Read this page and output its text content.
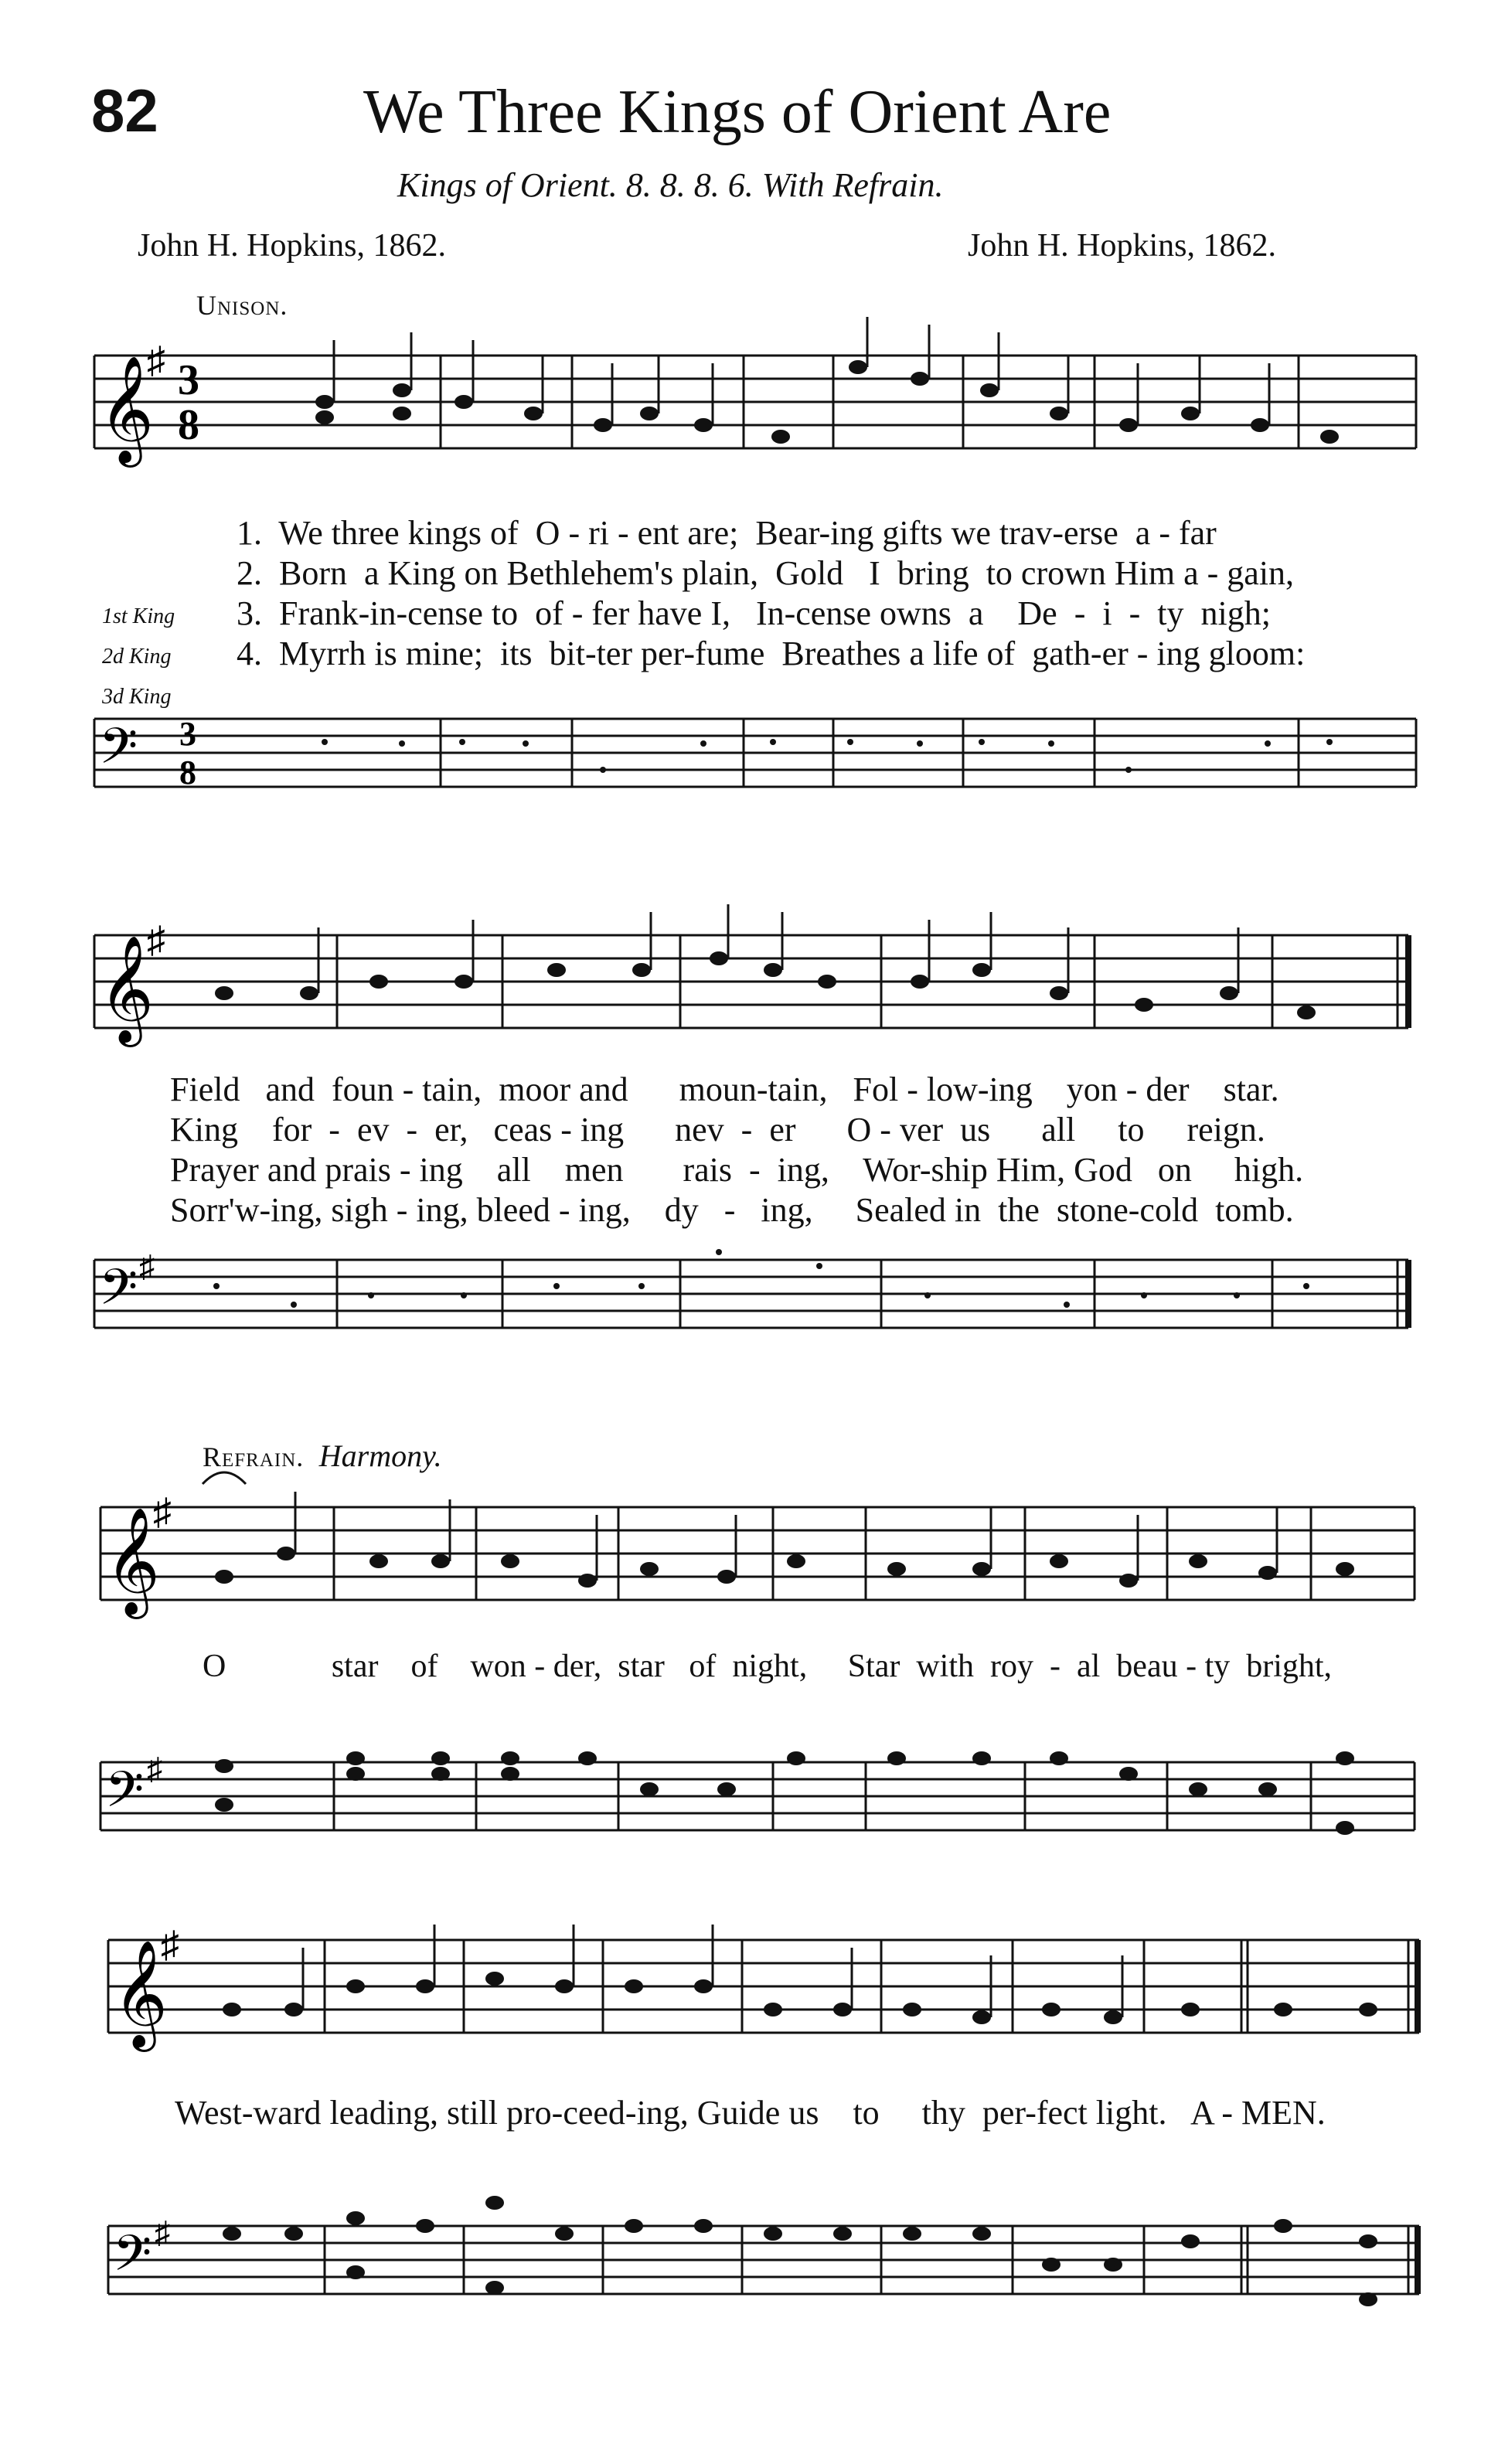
82	We Three Kings of Orient Are
Kings of Orient. 8. 8. 8. 6. With Refrain.
John H. Hopkins, 1862.	John H. Hopkins, 1862.
Unison.
𝄞 3
8
♯
1st King
2d King
3d King
1.  We three kings of  O - ri - ent are;  Bear-ing gifts we trav-erse  a - far
2.  Born  a King on Bethlehem's plain,  Gold   I  bring  to crown Him a - gain,
3.  Frank-in-cense to  of - fer have I,   In-cense owns  a    De  -  i  -  ty  nigh;
4.  Myrrh is mine;  its  bit-ter per-fume  Breathes a life of  gath-er - ing gloom:
𝄢 3
8
𝄞
♯
Field   and  foun - tain,  moor and      moun-tain,   Fol - low-ing    yon - der    star.
King    for  -  ev  -  er,   ceas - ing      nev  -  er      O - ver  us      all     to     reign.
Prayer and prais - ing    all    men       rais  -  ing,    Wor-ship Him, God   on     high.
Sorr'w-ing, sigh - ing, bleed - ing,    dy   -   ing,     Sealed in  the  stone-cold  tomb.
𝄢 ♯
Refrain. Harmony.
𝄞
♯
O             star    of    won - der,  star   of  night,     Star  with  roy  -  al  beau - ty  bright,
𝄢 ♯
𝄞
♯
West-ward leading, still pro-ceed-ing, Guide us    to     thy  per-fect light.   A - MEN.
𝄢 ♯
